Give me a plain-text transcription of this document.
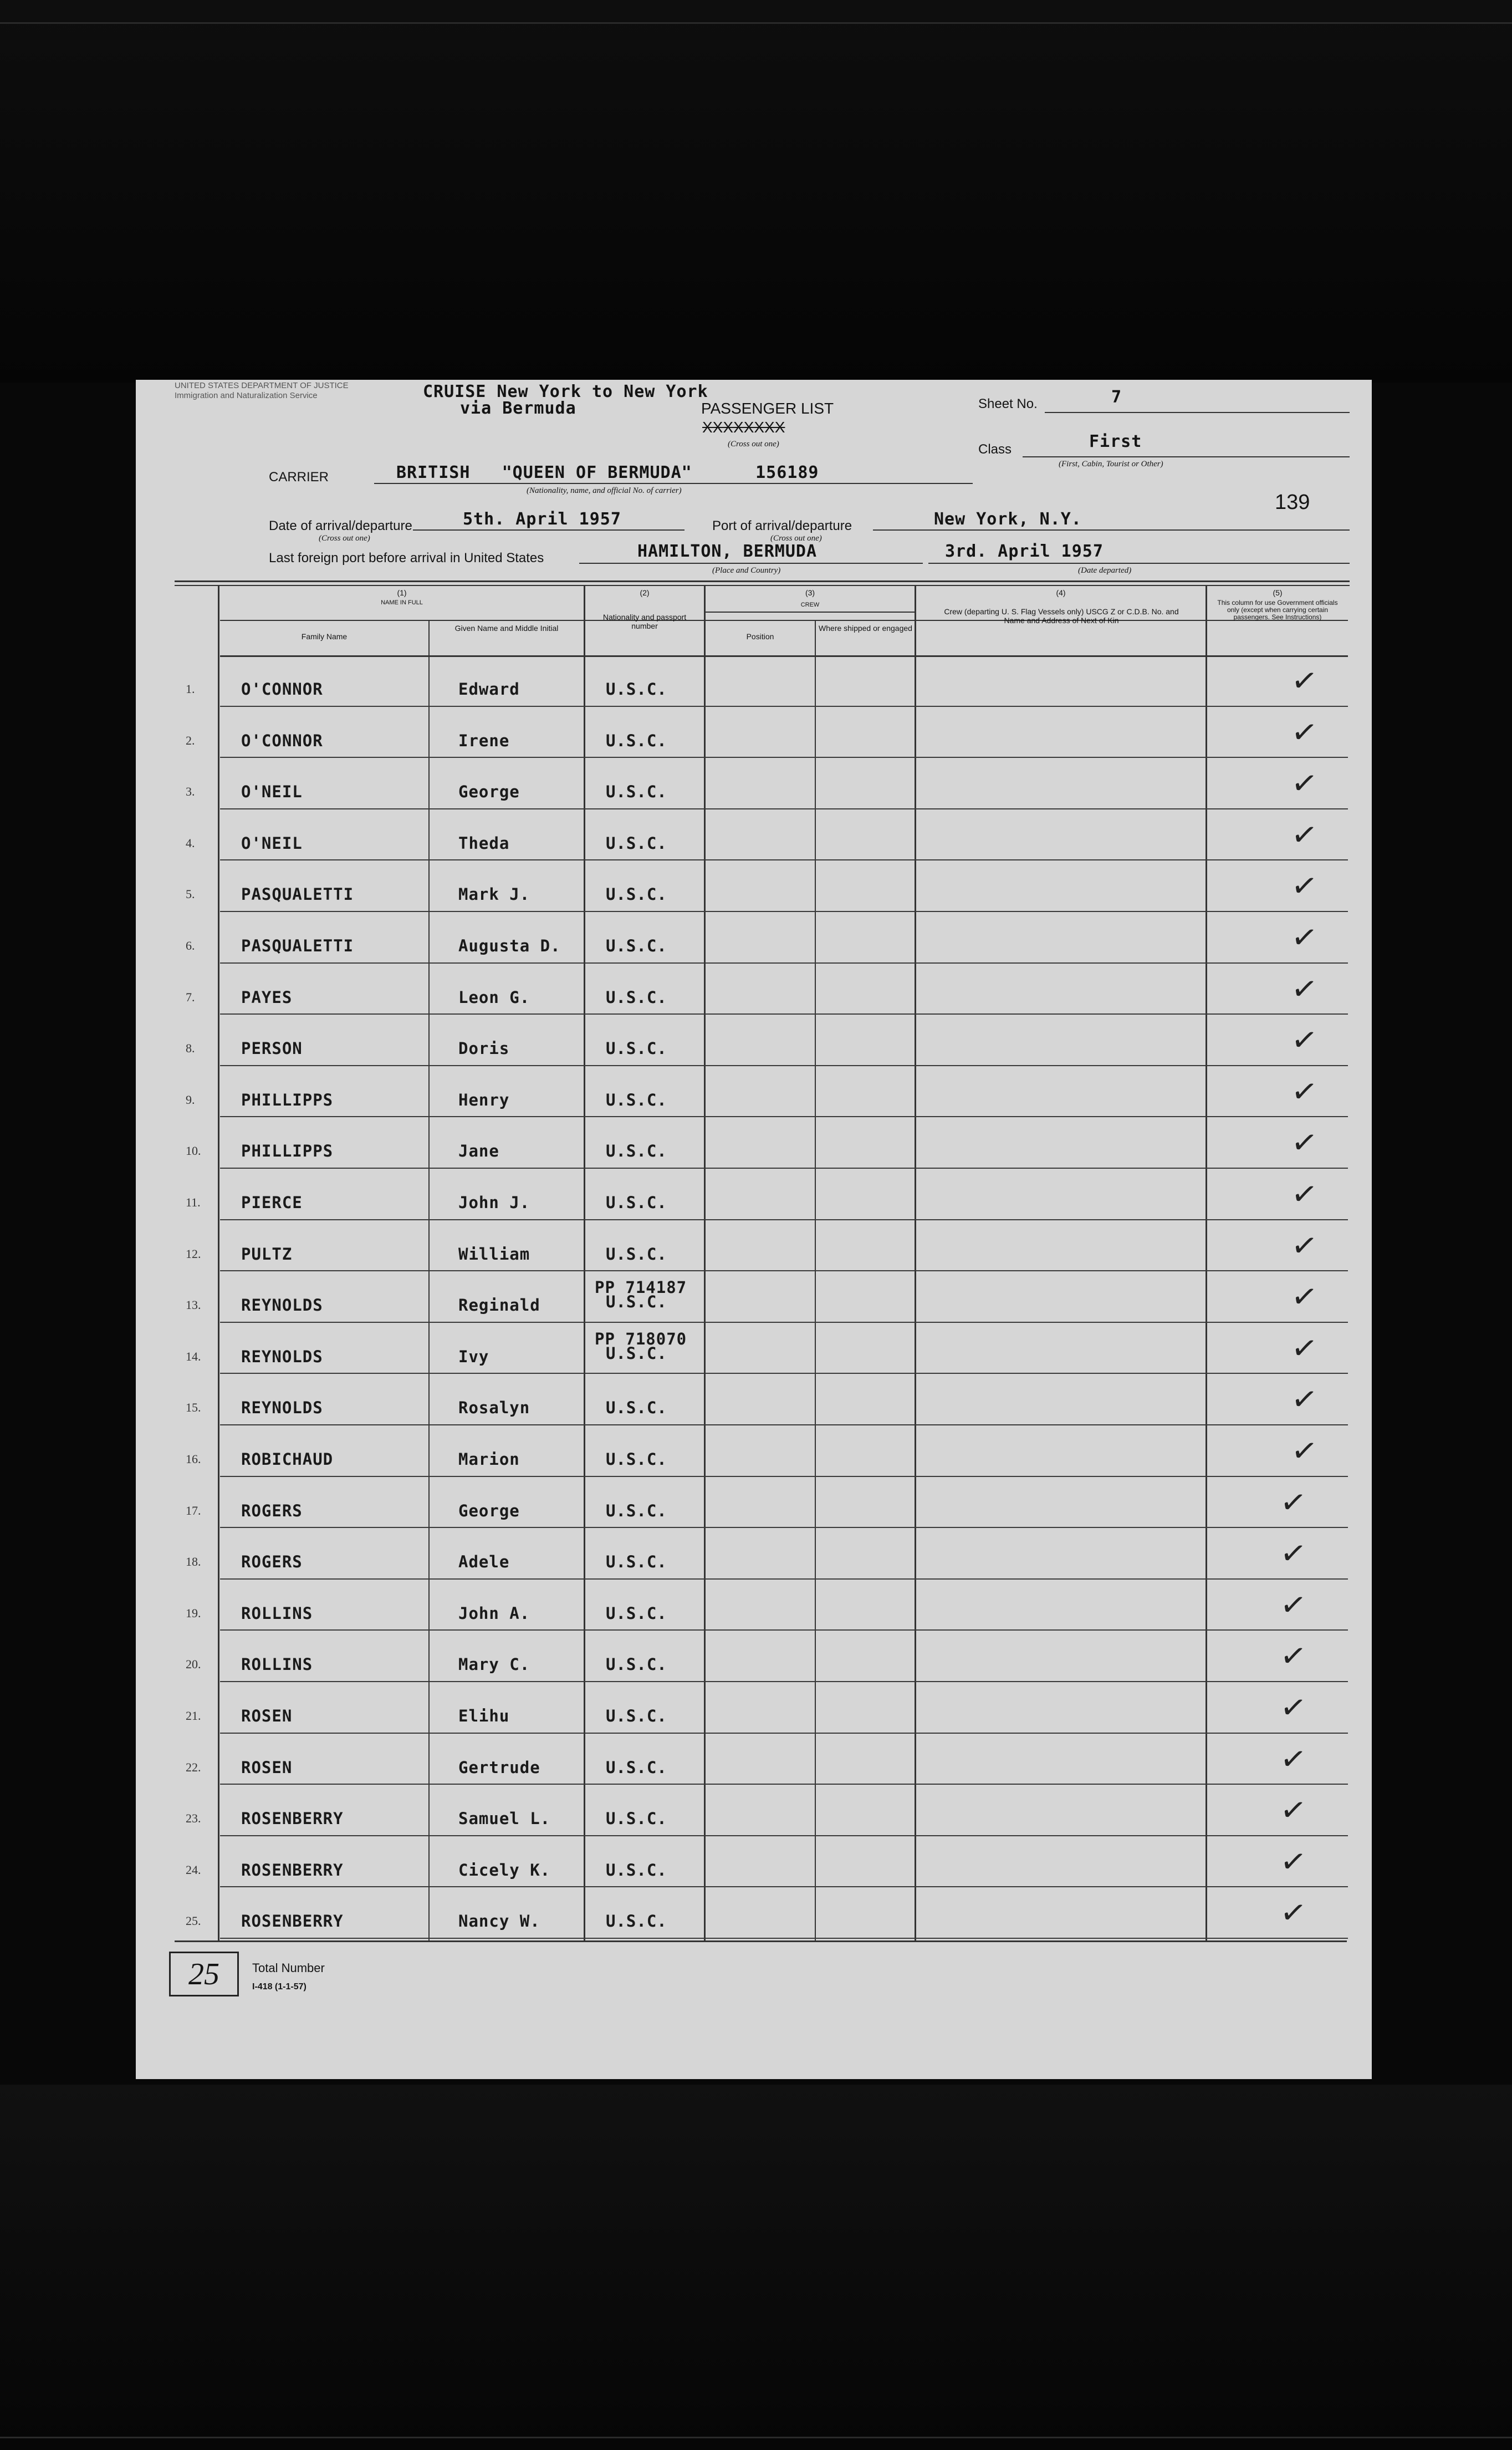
UNITED STATES DEPARTMENT OF JUSTICE
Immigration and Naturalization Service	CRUISE New York to New York
via Bermuda	PASSENGER LIST
XXXXXXXX
(Cross out one)
Sheet No.	7
Class	First
(First, Cabin, Tourist or Other)
CARRIER	BRITISH   "QUEEN OF BERMUDA"      156189
(Nationality, name, and official No. of carrier)	139
Date of arrival/departure
(Cross out one)
5th. April 1957	Port of arrival/departure
(Cross out one)
New York, N.Y.
Last foreign port before arrival in United States	HAMILTON, BERMUDA
(Place and Country)
3rd. April 1957
(Date departed)
(1)
NAME IN FULL
Family Name
Given Name and Middle Initial
(2)
Nationality and passport number
(3)
CREW
Position
Where shipped or engaged
(4)
Crew (departing U. S. Flag Vessels only) USCG Z or C.D.B. No. and Name and Address of Next of Kin
(5)
This column for use Government officials only (except when carrying certain passengers. See Instructions)
1.	O'CONNOR	Edward	U.S.C.	✓
2.	O'CONNOR	Irene	U.S.C.	✓
3.	O'NEIL	George	U.S.C.	✓
4.	O'NEIL	Theda	U.S.C.	✓
5.	PASQUALETTI	Mark J.	U.S.C.	✓
6.	PASQUALETTI	Augusta D.	U.S.C.	✓
7.	PAYES	Leon G.	U.S.C.	✓
8.	PERSON	Doris	U.S.C.	✓
9.	PHILLIPPS	Henry	U.S.C.	✓
10.	PHILLIPPS	Jane	U.S.C.	✓
11.	PIERCE	John J.	U.S.C.	✓
12.	PULTZ	William	U.S.C.	✓
13.	REYNOLDS	Reginald
PP 714187
U.S.C.	✓
14.	REYNOLDS	Ivy
PP 718070
U.S.C.	✓
15.	REYNOLDS	Rosalyn	U.S.C.	✓
16.	ROBICHAUD	Marion	U.S.C.	✓
17.	ROGERS	George	U.S.C.	✓
18.	ROGERS	Adele	U.S.C.	✓
19.	ROLLINS	John A.	U.S.C.	✓
20.	ROLLINS	Mary C.	U.S.C.	✓
21.	ROSEN	Elihu	U.S.C.	✓
22.	ROSEN	Gertrude	U.S.C.	✓
23.	ROSENBERRY	Samuel L.	U.S.C.	✓
24.	ROSENBERRY	Cicely K.	U.S.C.	✓
25.	ROSENBERRY	Nancy W.	U.S.C.	✓
25	Total Number
I-418 (1-1-57)
